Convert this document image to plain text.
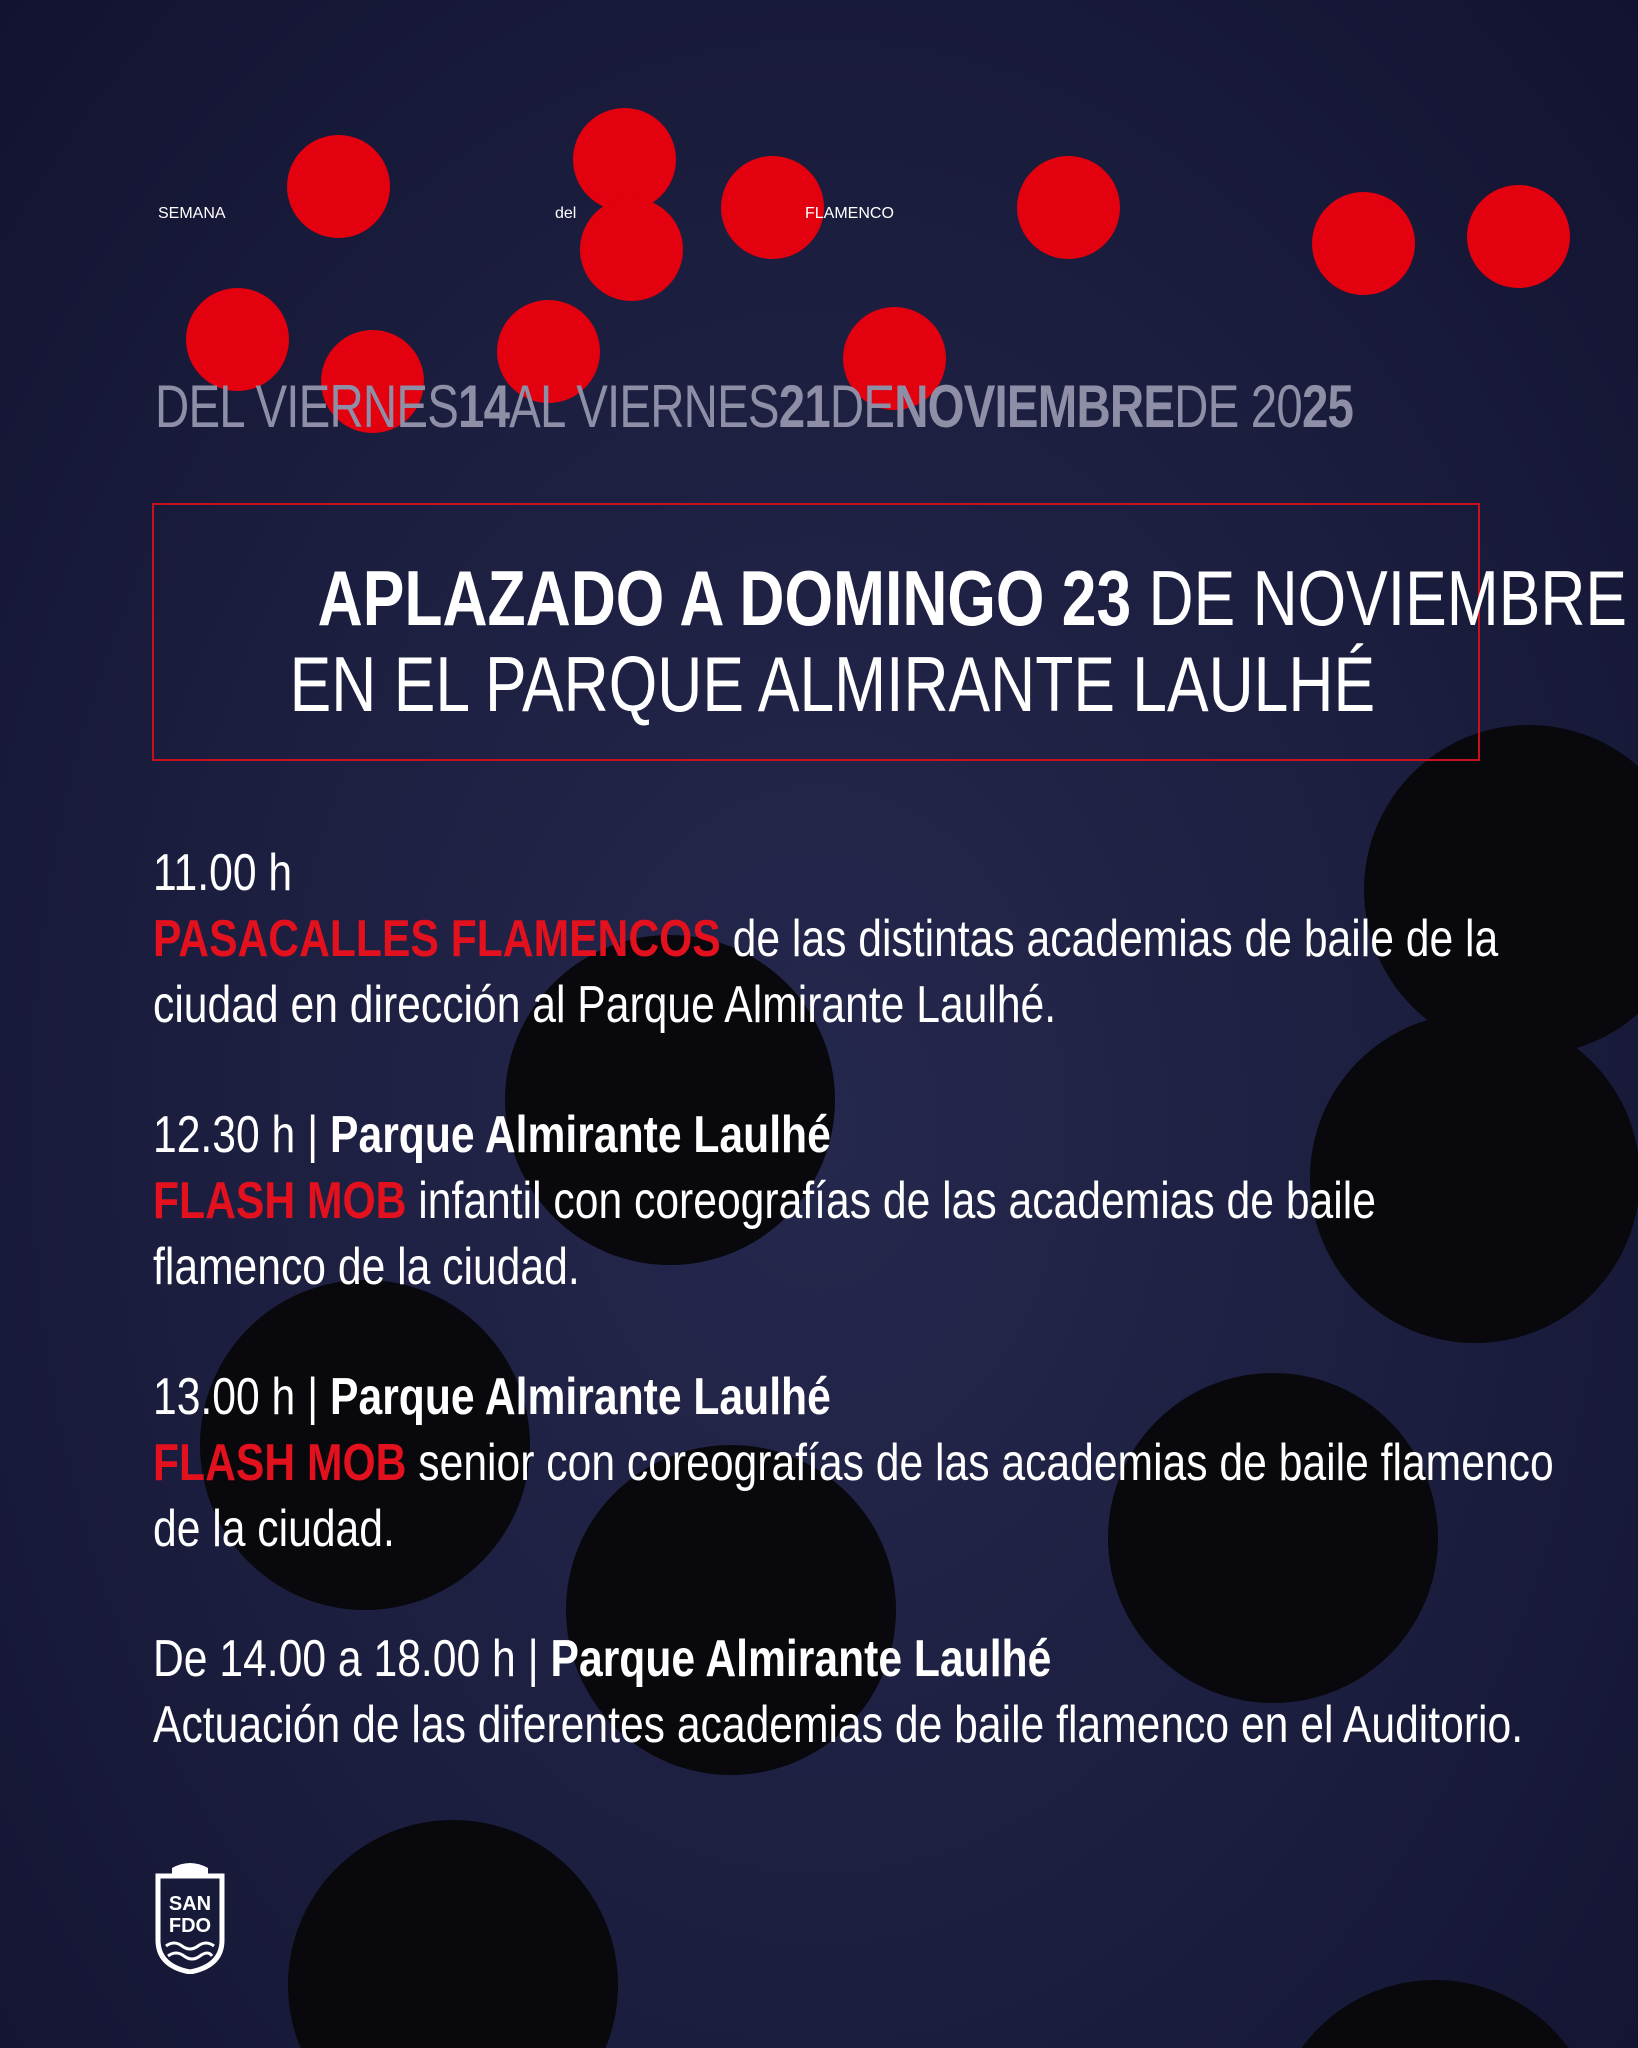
SEMANA	del	FLAMENCO
DEL VIERNES14AL VIERNES21DENOVIEMBREDE 2025
APLAZADO A DOMINGO 23 DE NOVIEMBRE
EN EL PARQUE ALMIRANTE LAULHÉ
11.00 h
PASACALLES FLAMENCOS de las distintas academias de baile de la
ciudad en dirección al Parque Almirante Laulhé.
12.30 h | Parque Almirante Laulhé
FLASH MOB infantil con coreografías de las academias de baile
flamenco de la ciudad.
13.00 h | Parque Almirante Laulhé
FLASH MOB senior con coreografías de las academias de baile flamenco
de la ciudad.
De 14.00 a 18.00 h | Parque Almirante Laulhé
Actuación de las diferentes academias de baile flamenco en el Auditorio.
SAN
FDO
